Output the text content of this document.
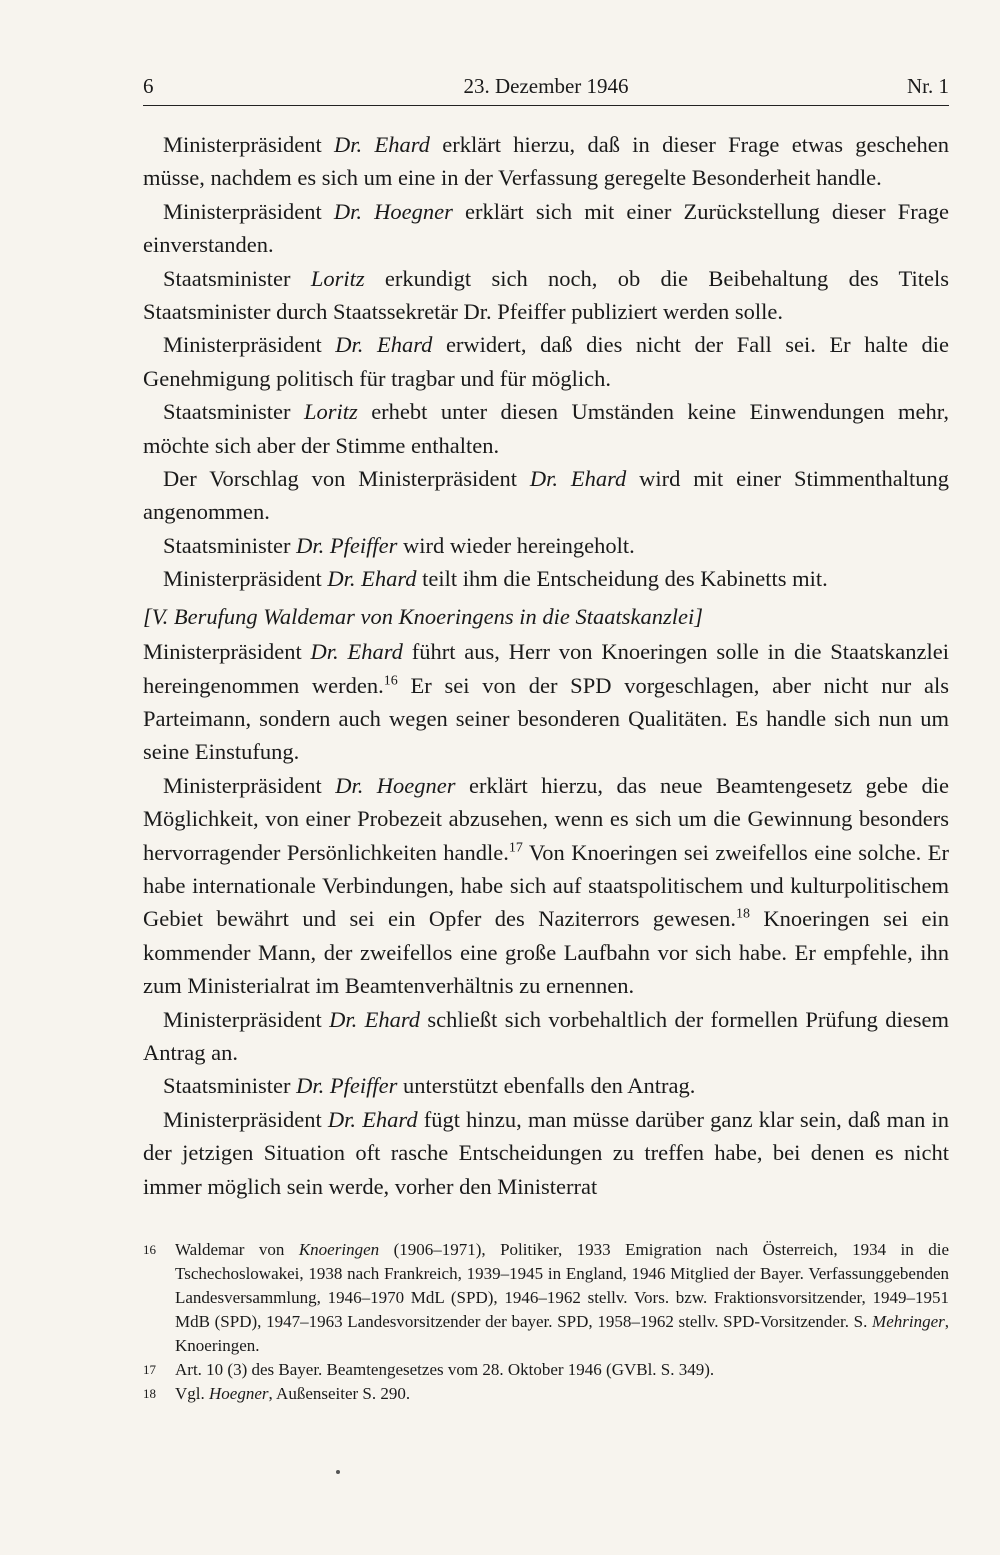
6	23. Dezember 1946	Nr. 1

Ministerpräsident Dr. Ehard erklärt hierzu, daß in dieser Frage etwas geschehen müsse, nachdem es sich um eine in der Verfassung geregelte Besonderheit handle.

Ministerpräsident Dr. Hoegner erklärt sich mit einer Zurückstellung dieser Frage einverstanden.

Staatsminister Loritz erkundigt sich noch, ob die Beibehaltung des Titels Staatsminister durch Staatssekretär Dr. Pfeiffer publiziert werden solle.

Ministerpräsident Dr. Ehard erwidert, daß dies nicht der Fall sei. Er halte die Genehmigung politisch für tragbar und für möglich.

Staatsminister Loritz erhebt unter diesen Umständen keine Einwendungen mehr, möchte sich aber der Stimme enthalten.

Der Vorschlag von Ministerpräsident Dr. Ehard wird mit einer Stimmenthaltung angenommen.

Staatsminister Dr. Pfeiffer wird wieder hereingeholt.

Ministerpräsident Dr. Ehard teilt ihm die Entscheidung des Kabinetts mit.

[V. Berufung Waldemar von Knoeringens in die Staatskanzlei]

Ministerpräsident Dr. Ehard führt aus, Herr von Knoeringen solle in die Staatskanzlei hereingenommen werden.$^{16}$ Er sei von der SPD vorgeschlagen, aber nicht nur als Parteimann, sondern auch wegen seiner besonderen Qualitäten. Es handle sich nun um seine Einstufung.

Ministerpräsident Dr. Hoegner erklärt hierzu, das neue Beamtengesetz gebe die Möglichkeit, von einer Probezeit abzusehen, wenn es sich um die Gewinnung besonders hervorragender Persönlichkeiten handle.$^{17}$ Von Knoeringen sei zweifellos eine solche. Er habe internationale Verbindungen, habe sich auf staatspolitischem und kulturpolitischem Gebiet bewährt und sei ein Opfer des Naziterrors gewesen.$^{18}$ Knoeringen sei ein kommender Mann, der zweifellos eine große Laufbahn vor sich habe. Er empfehle, ihn zum Ministerialrat im Beamtenverhältnis zu ernennen.

Ministerpräsident Dr. Ehard schließt sich vorbehaltlich der formellen Prüfung diesem Antrag an.

Staatsminister Dr. Pfeiffer unterstützt ebenfalls den Antrag.

Ministerpräsident Dr. Ehard fügt hinzu, man müsse darüber ganz klar sein, daß man in der jetzigen Situation oft rasche Entscheidungen zu treffen habe, bei denen es nicht immer möglich sein werde, vorher den Ministerrat

16 Waldemar von Knoeringen (1906–1971), Politiker, 1933 Emigration nach Österreich, 1934 in die Tschechoslowakei, 1938 nach Frankreich, 1939–1945 in England, 1946 Mitglied der Bayer. Verfassunggebenden Landesversammlung, 1946–1970 MdL (SPD), 1946–1962 stellv. Vors. bzw. Fraktionsvorsitzender, 1949–1951 MdB (SPD), 1947–1963 Landesvorsitzender der bayer. SPD, 1958–1962 stellv. SPD-Vorsitzender. S. Mehringer, Knoeringen.
17 Art. 10 (3) des Bayer. Beamtengesetzes vom 28. Oktober 1946 (GVBl. S. 349).
18 Vgl. Hoegner, Außenseiter S. 290.
